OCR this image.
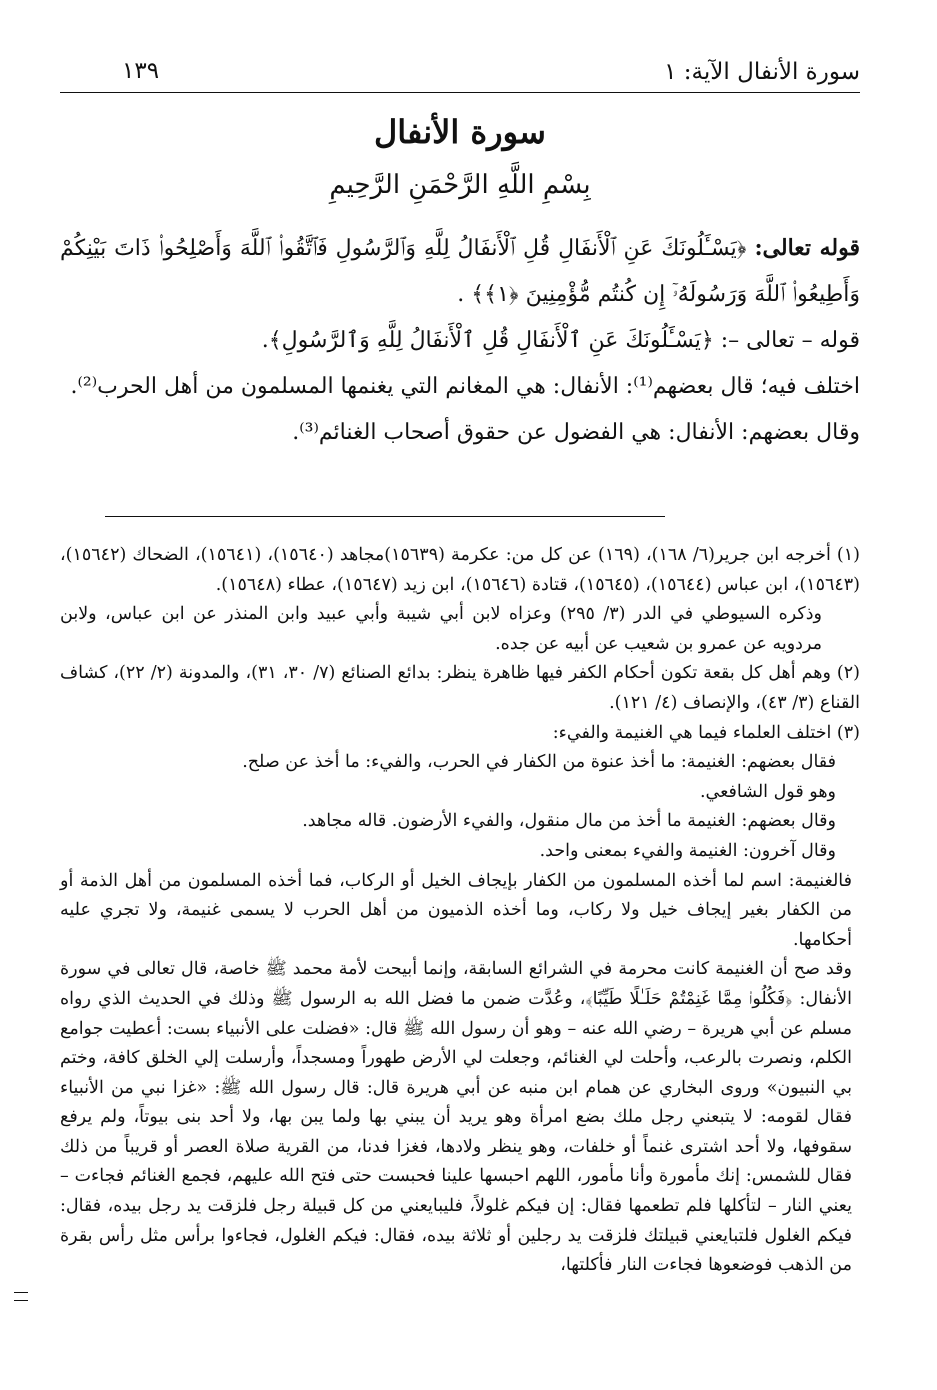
سورة الأنفال الآية: ١
١٣٩
سورة الأنفال
بِسْمِ اللَّهِ الرَّحْمَنِ الرَّحِيمِ

قوله تعالى: ﴿يَسْـَٔلُونَكَ عَنِ ٱلْأَنفَالِ قُلِ ٱلْأَنفَالُ لِلَّهِ وَٱلرَّسُولِ فَٱتَّقُوا۟ ٱللَّهَ وَأَصْلِحُوا۟ ذَاتَ بَيْنِكُمْ وَأَطِيعُوا۟ ٱللَّهَ وَرَسُولَهُۥٓ إِن كُنتُم مُّؤْمِنِينَ ﴿١﴾﴾ .

قوله – تعالى –: ﴿يَسْـَٔلُونَكَ عَنِ ٱلْأَنفَالِ قُلِ ٱلْأَنفَالُ لِلَّهِ وَٱلرَّسُولِ﴾.

اختلف فيه؛ قال بعضهم⁽¹⁾: الأنفال: هي المغانم التي يغنمها المسلمون من أهل الحرب⁽²⁾.

وقال بعضهم: الأنفال: هي الفضول عن حقوق أصحاب الغنائم⁽³⁾.

(١) أخرجه ابن جرير(٦/ ١٦٨)، (١٦٩) عن كل من: عكرمة (١٥٦٣٩)مجاهد (١٥٦٤٠)، (١٥٦٤١)، الضحاك (١٥٦٤٢)،(١٥٦٤٣)، ابن عباس (١٥٦٤٤)، (١٥٦٤٥)، قتادة (١٥٦٤٦)، ابن زيد (١٥٦٤٧)، عطاء (١٥٦٤٨).

وذكره السيوطي في الدر (٣/ ٢٩٥) وعزاه لابن أبي شيبة وأبي عبيد وابن المنذر عن ابن عباس، ولابن مردويه عن عمرو بن شعيب عن أبيه عن جده.

(٢) وهم أهل كل بقعة تكون أحكام الكفر فيها ظاهرة ينظر: بدائع الصنائع (٧/ ٣٠، ٣١)، والمدونة (٢/ ٢٢)، كشاف القناع (٣/ ٤٣)، والإنصاف (٤/ ١٢١).

(٣) اختلف العلماء فيما هي الغنيمة والفيء:

فقال بعضهم: الغنيمة: ما أخذ عنوة من الكفار في الحرب، والفيء: ما أخذ عن صلح.

وهو قول الشافعي.

وقال بعضهم: الغنيمة ما أخذ من مال منقول، والفيء الأرضون. قاله مجاهد.

وقال آخرون: الغنيمة والفيء بمعنى واحد.

فالغنيمة: اسم لما أخذه المسلمون من الكفار بإيجاف الخيل أو الركاب، فما أخذه المسلمون من أهل الذمة أو من الكفار بغير إيجاف خيل ولا ركاب، وما أخذه الذميون من أهل الحرب لا يسمى غنيمة، ولا تجري عليه أحكامها.

وقد صح أن الغنيمة كانت محرمة في الشرائع السابقة، وإنما أبيحت لأمة محمد ﷺ خاصة، قال تعالى في سورة الأنفال: ﴿فَكُلُوا۟ مِمَّا غَنِمْتُمْ حَلَـٰلًا طَيِّبًا﴾، وعُدَّت ضمن ما فضل الله به الرسول ﷺ وذلك في الحديث الذي رواه مسلم عن أبي هريرة – رضي الله عنه – وهو أن رسول الله ﷺ قال: «فضلت على الأنبياء بست: أعطيت جوامع الكلم، ونصرت بالرعب، وأحلت لي الغنائم، وجعلت لي الأرض طهوراً ومسجداً، وأرسلت إلي الخلق كافة، وختم بي النبيون» وروى البخاري عن همام ابن منبه عن أبي هريرة قال: قال رسول الله ﷺ: «غزا نبي من الأنبياء فقال لقومه: لا يتبعني رجل ملك بضع امرأة وهو يريد أن يبني بها ولما يبن بها، ولا أحد بنى بيوتاً، ولم يرفع سقوفها، ولا أحد اشترى غنماً أو خلفات، وهو ينظر ولادها، فغزا فدنا، من القرية صلاة العصر أو قريباً من ذلك فقال للشمس: إنك مأمورة وأنا مأمور، اللهم احبسها علينا فحبست حتى فتح الله عليهم، فجمع الغنائم فجاءت – يعني النار – لتأكلها فلم تطعمها فقال: إن فيكم غلولاً، فليبايعني من كل قبيلة رجل فلزقت يد رجل بيده، فقال: فيكم الغلول فلتبايعني قبيلتك فلزقت يد رجلين أو ثلاثة بيده، فقال: فيكم الغلول، فجاءوا برأس مثل رأس بقرة من الذهب فوضعوها فجاءت النار فأكلتها،
